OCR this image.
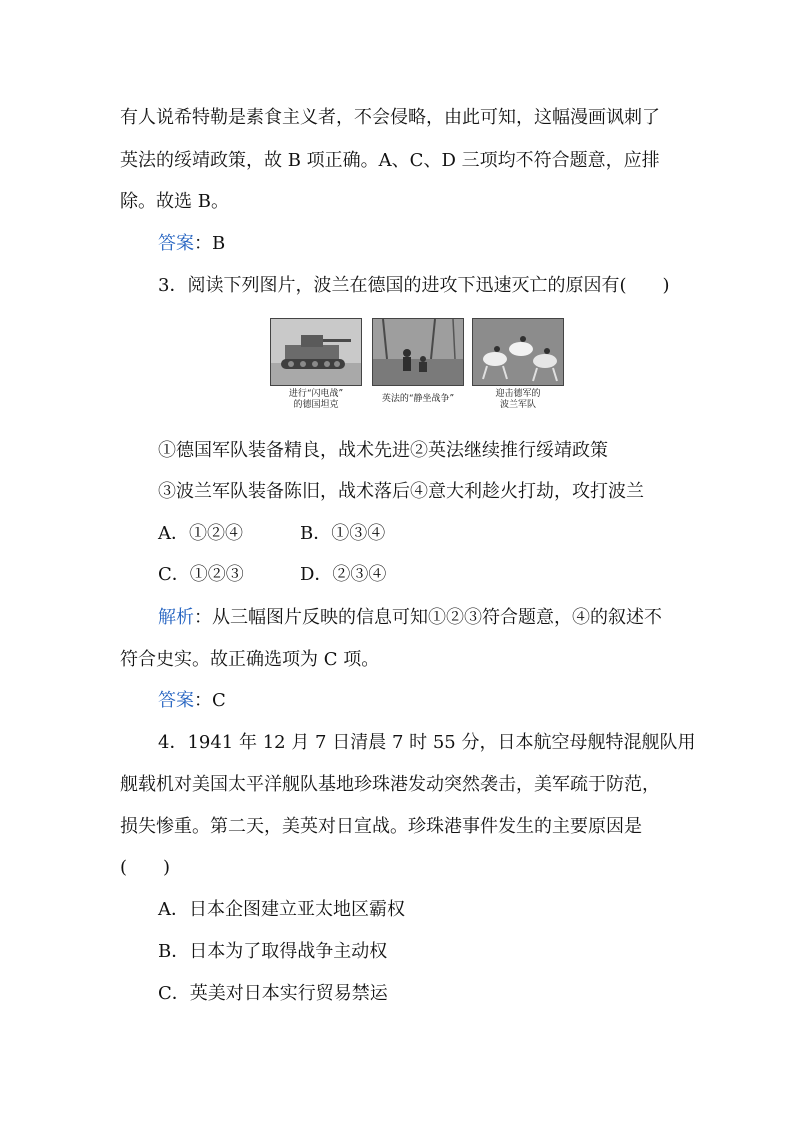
有人说希特勒是素食主义者，不会侵略，由此可知，这幅漫画讽刺了
英法的绥靖政策，故 B 项正确。A、C、D 三项均不符合题意，应排
除。故选 B。
答案：B
3．阅读下列图片，波兰在德国的进攻下迅速灭亡的原因有(　　)
进行“闪电战”
的德国坦克
英法的“静坐战争”	迎击德军的
波兰军队
①德国军队装备精良，战术先进②英法继续推行绥靖政策
③波兰军队装备陈旧，战术落后④意大利趁火打劫，攻打波兰
A．①②④	B．①③④
C．①②③	D．②③④
解析：从三幅图片反映的信息可知①②③符合题意，④的叙述不
符合史实。故正确选项为 C 项。
答案：C
4．1941 年 12 月 7 日清晨 7 时 55 分，日本航空母舰特混舰队用
舰载机对美国太平洋舰队基地珍珠港发动突然袭击，美军疏于防范，
损失惨重。第二天，美英对日宣战。珍珠港事件发生的主要原因是
(　　)
A．日本企图建立亚太地区霸权
B．日本为了取得战争主动权
C．英美对日本实行贸易禁运
